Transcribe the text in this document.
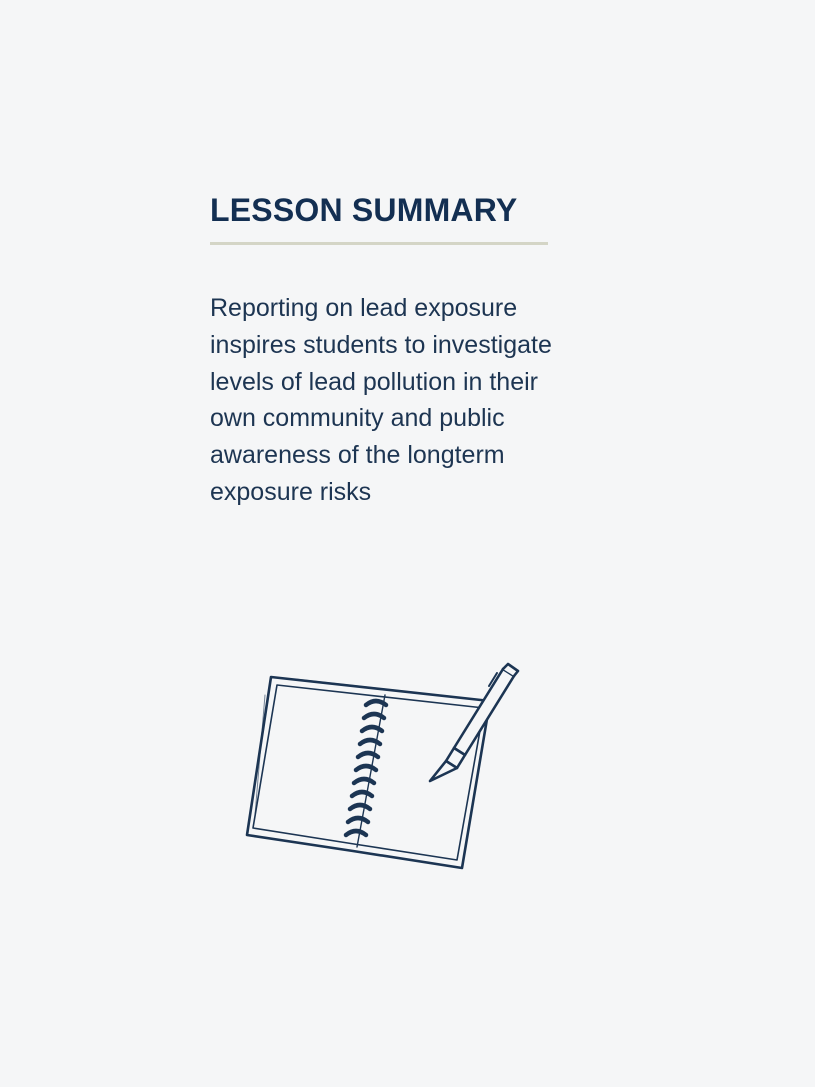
LESSON SUMMARY

Reporting on lead exposure inspires students to investigate levels of lead pollution in their own community and public awareness of the longterm exposure risks
